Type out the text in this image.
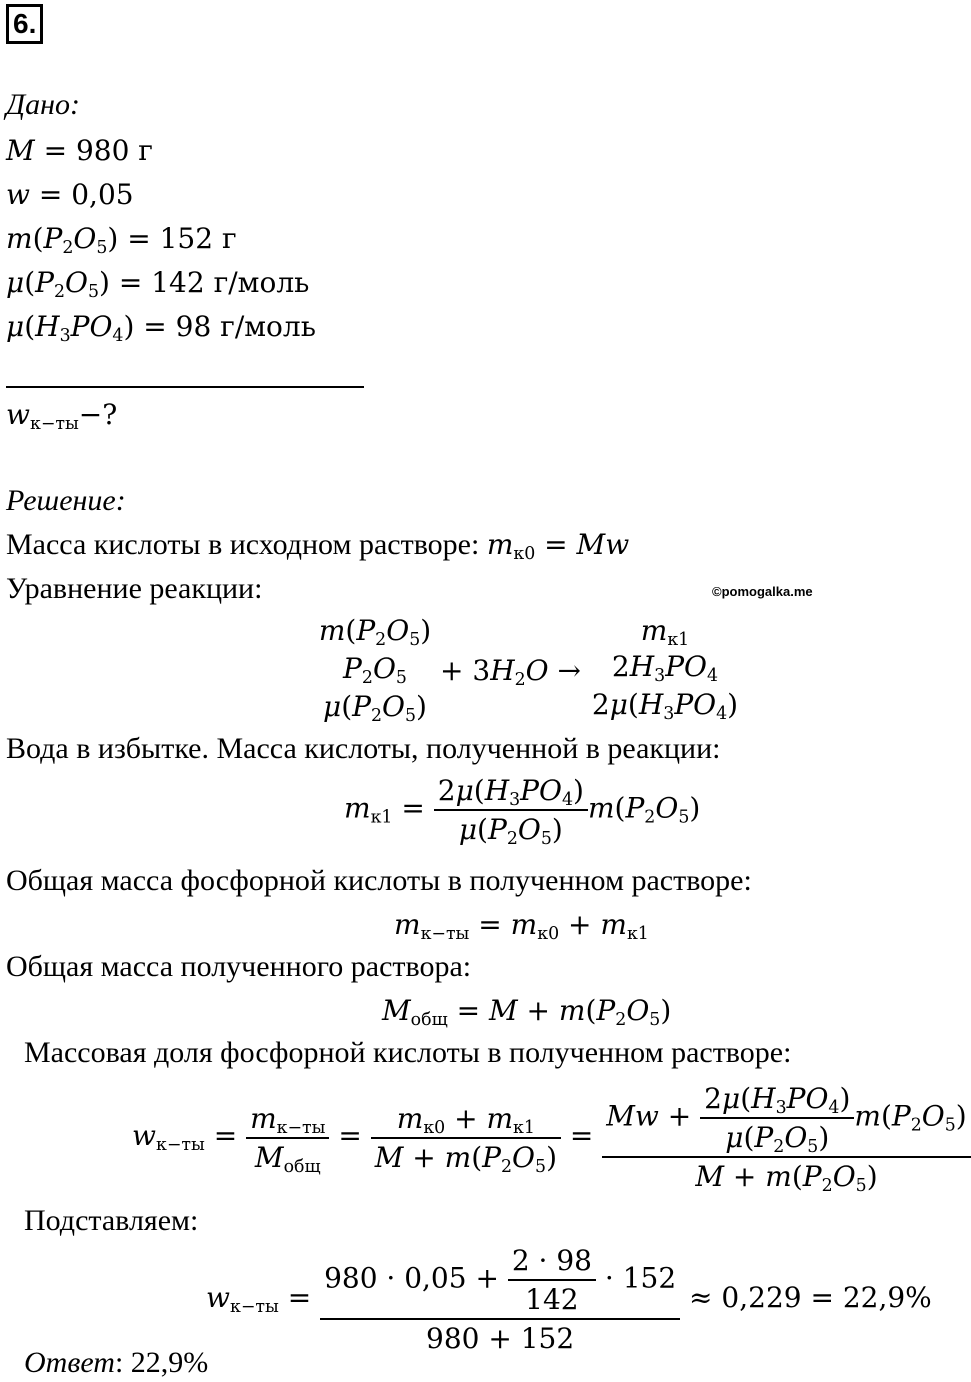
6.
Дано:
M = 980 г
w = 0,05
$m(P_2O_5) = 152$ г
$\mu(P_2O_5) = 142$ г/моль
$\mu(H_3PO_4) = 98$ г/моль
$w_{к-ты}-$?
Решение:
Масса кислоты в исходном растворе: $m_{к0} = Mw$
Уравнение реакции:	©pomogalka.me
$m(P_2O_5)$
$P_2O_5$
$\mu(P_2O_5)$
+ $3H_2O$ →
$m_{к1}$
$2H_3PO_4$
$2\mu(H_3PO_4)$
Вода в избытке. Масса кислоты, полученной в реакции:
$m_{к1} = \frac{2\mu(H_3PO_4)}{\mu(P_2O_5)} m(P_2O_5)$
Общая масса фосфорной кислоты в полученном растворе:
$m_{к-ты} = m_{к0} + m_{к1}$
Общая масса полученного раствора:
$M_{общ} = M + m(P_2O_5)$
Массовая доля фосфорной кислоты в полученном растворе:
$w_{к-ты} = \frac{m_{к-ты}}{M_{общ}} = \frac{m_{к0} + m_{к1}}{M + m(P_2O_5)} = \frac{Mw + \frac{2\mu(H_3PO_4)}{\mu(P_2O_5)} m(P_2O_5)}{M + m(P_2O_5)}$
Подставляем:
$w_{к-ты} = \frac{980 \cdot 0,05 + \frac{2 \cdot 98}{142} \cdot 152}{980 + 152} \approx 0,229 = 22,9\%$
Ответ: 22,9%
